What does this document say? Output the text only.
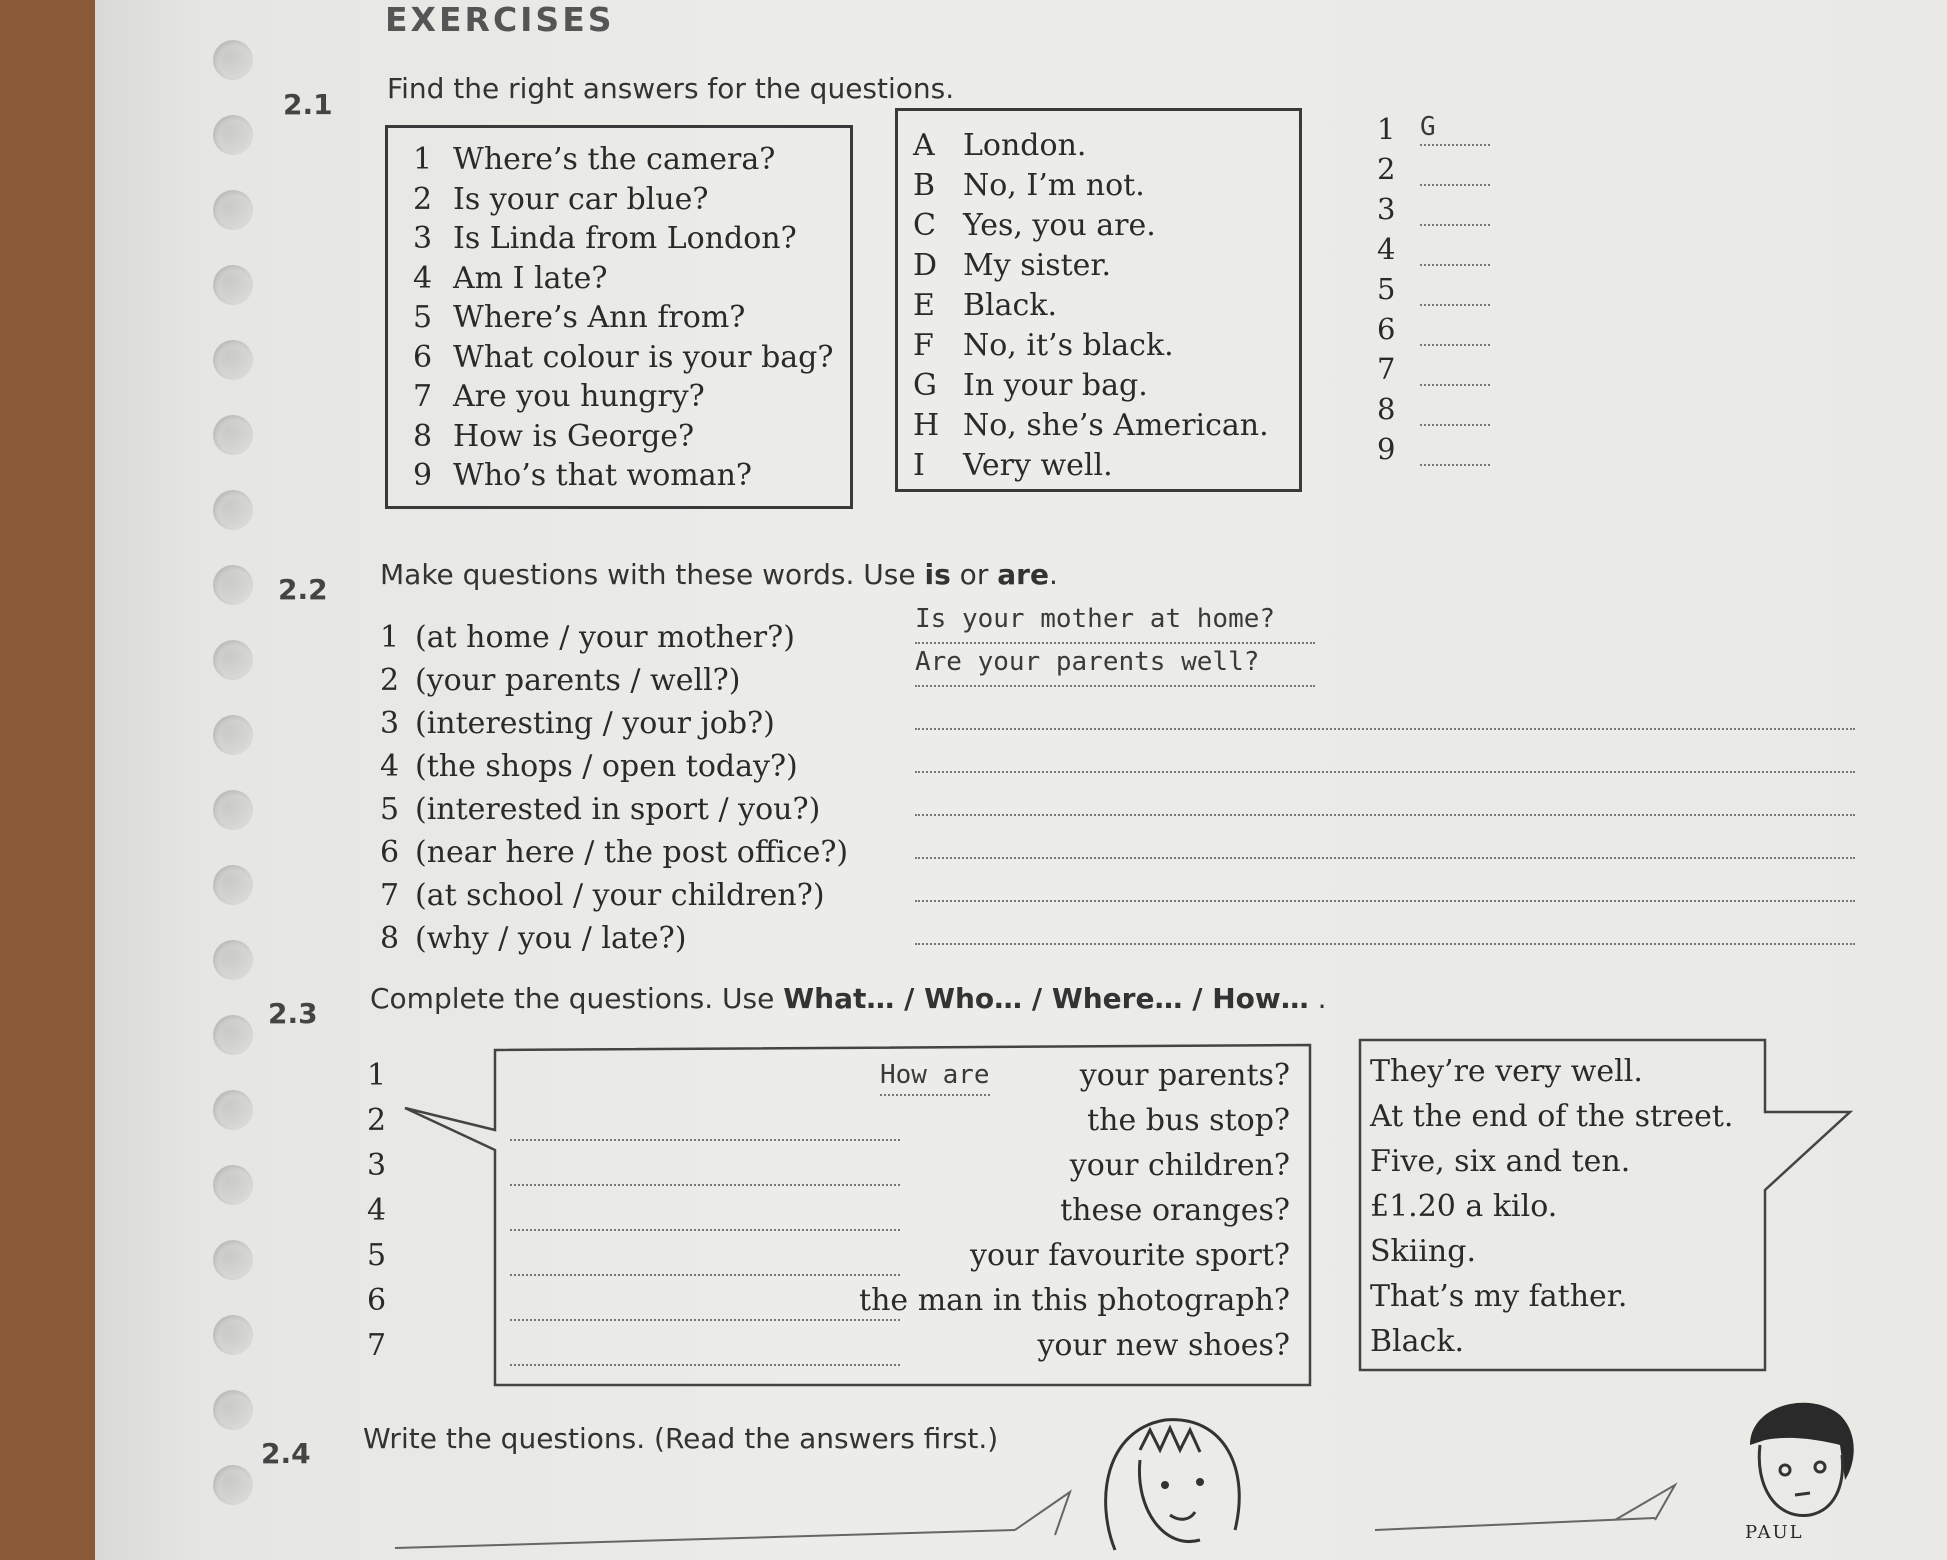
EXERCISES
2.1 Find the right answers for the questions.
1 Where’s the camera?
2 Is your car blue?
3 Is Linda from London?
4 Am I late?
5 Where’s Ann from?
6 What colour is your bag?
7 Are you hungry?
8 How is George?
9 Who’s that woman?
A London.
B No, I’m not.
C Yes, you are.
D My sister.
E Black.
F No, it’s black.
G In your bag.
H No, she’s American.
I Very well.
1 G
2
3
4
5
6
7
8
9
2.2 Make questions with these words. Use is or are.
1 (at home / your mother?)
Is your mother at home?
2 (your parents / well?)
Are your parents well?
3 (interesting / your job?)
4 (the shops / open today?)
5 (interested in sport / you?)
6 (near here / the post office?)
7 (at school / your children?)
8 (why / you / late?)
2.3 Complete the questions. Use What… / Who… / Where… / How… .
1	How are	your parents?	They’re very well.
2	the bus stop?	At the end of the street.
3	your children?	Five, six and ten.
4	these oranges?	£1.20 a kilo.
5	your favourite sport?	Skiing.
6	the man in this photograph?	That’s my father.
7	your new shoes?	Black.
2.4 Write the questions. (Read the answers first.)
PAUL
